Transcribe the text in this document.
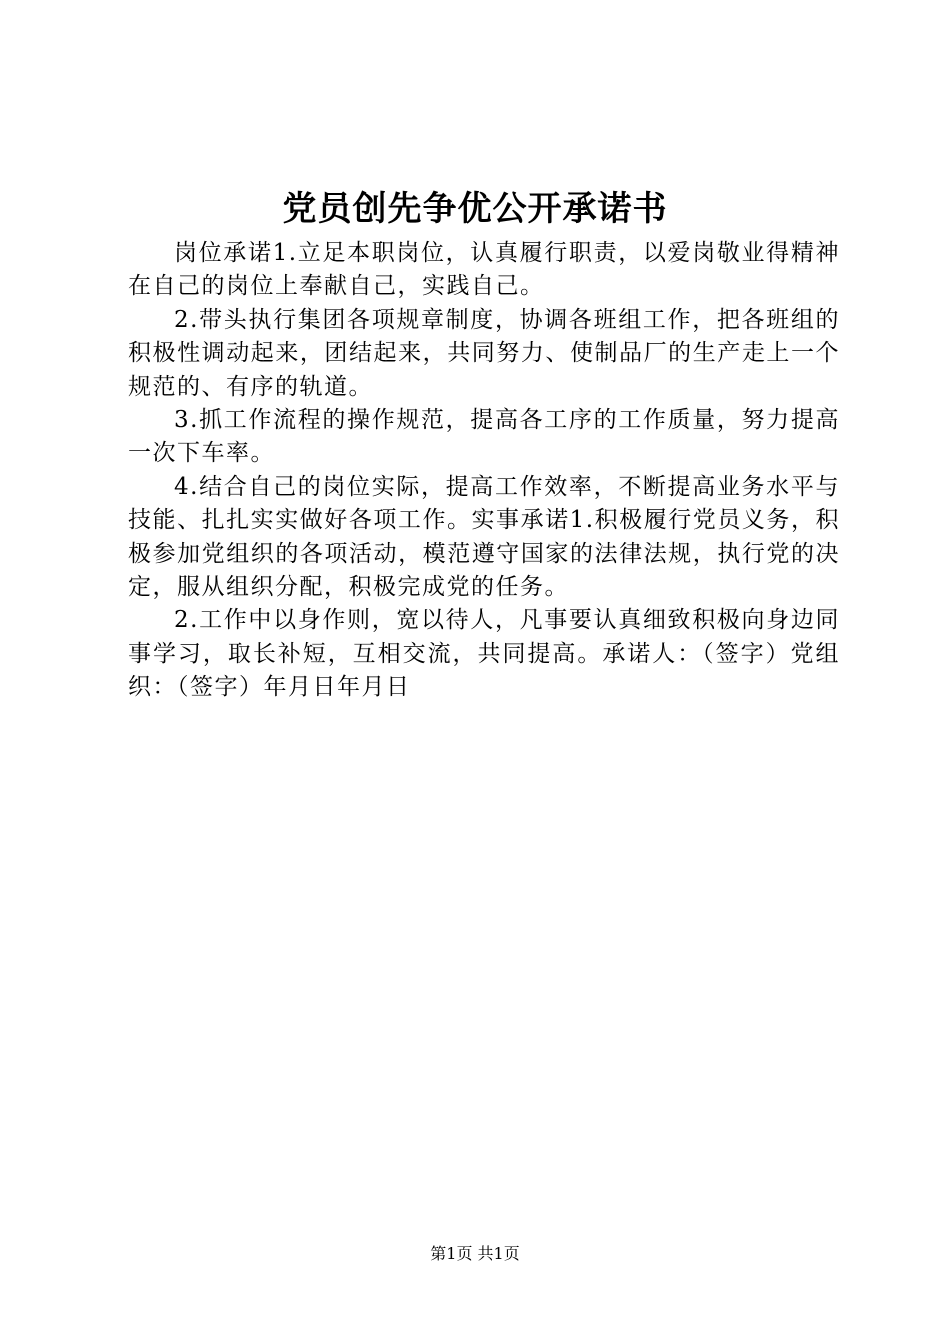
党员创先争优公开承诺书

岗位承诺1.立足本职岗位，认真履行职责，以爱岗敬业得精神在自己的岗位上奉献自己，实践自己。

2.带头执行集团各项规章制度，协调各班组工作，把各班组的积极性调动起来，团结起来，共同努力、使制品厂的生产走上一个规范的、有序的轨道。

3.抓工作流程的操作规范，提高各工序的工作质量，努力提高一次下车率。

4.结合自己的岗位实际，提高工作效率，不断提高业务水平与技能、扎扎实实做好各项工作。实事承诺1.积极履行党员义务，积极参加党组织的各项活动，模范遵守国家的法律法规，执行党的决定，服从组织分配，积极完成党的任务。

2.工作中以身作则，宽以待人，凡事要认真细致积极向身边同事学习，取长补短，互相交流，共同提高。承诺人：（签字）党组织：（签字）年月日年月日

第1页 共1页
